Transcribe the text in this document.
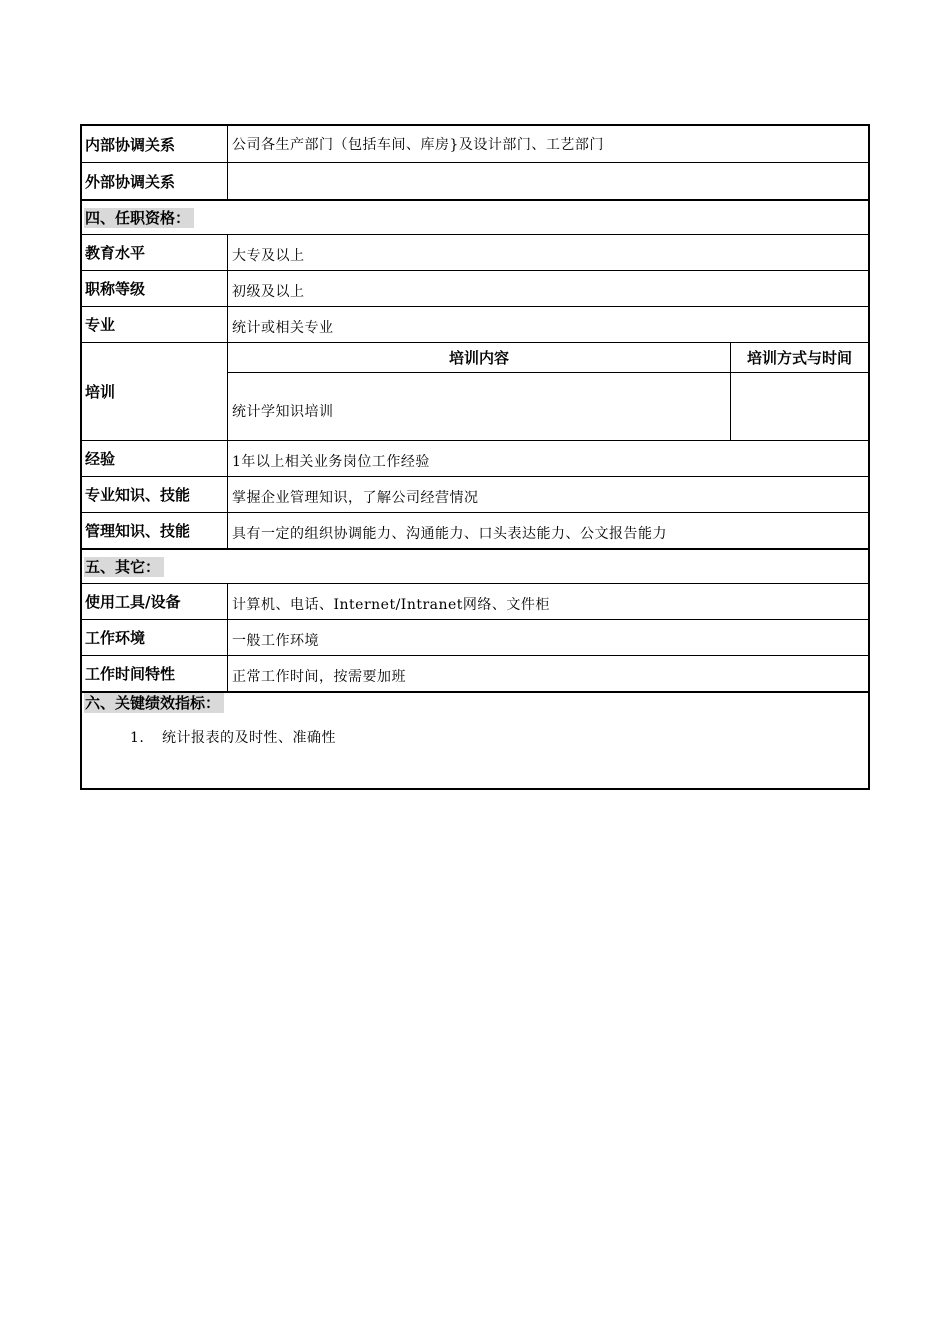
内部协调关系	公司各生产部门（包括车间、库房}及设计部门、工艺部门
外部协调关系
四、任职资格：
教育水平	大专及以上
职称等级	初级及以上
专业	统计或相关专业
培训
培训内容	培训方式与时间
统计学知识培训
经验	1年以上相关业务岗位工作经验
专业知识、技能	掌握企业管理知识，了解公司经营情况
管理知识、技能	具有一定的组织协调能力、沟通能力、口头表达能力、公文报告能力
五、其它：
使用工具/设备	计算机、电话、Internet/Intranet网络、文件柜
工作环境	一般工作环境
工作时间特性	正常工作时间，按需要加班
六、关键绩效指标：
1. 统计报表的及时性、准确性
